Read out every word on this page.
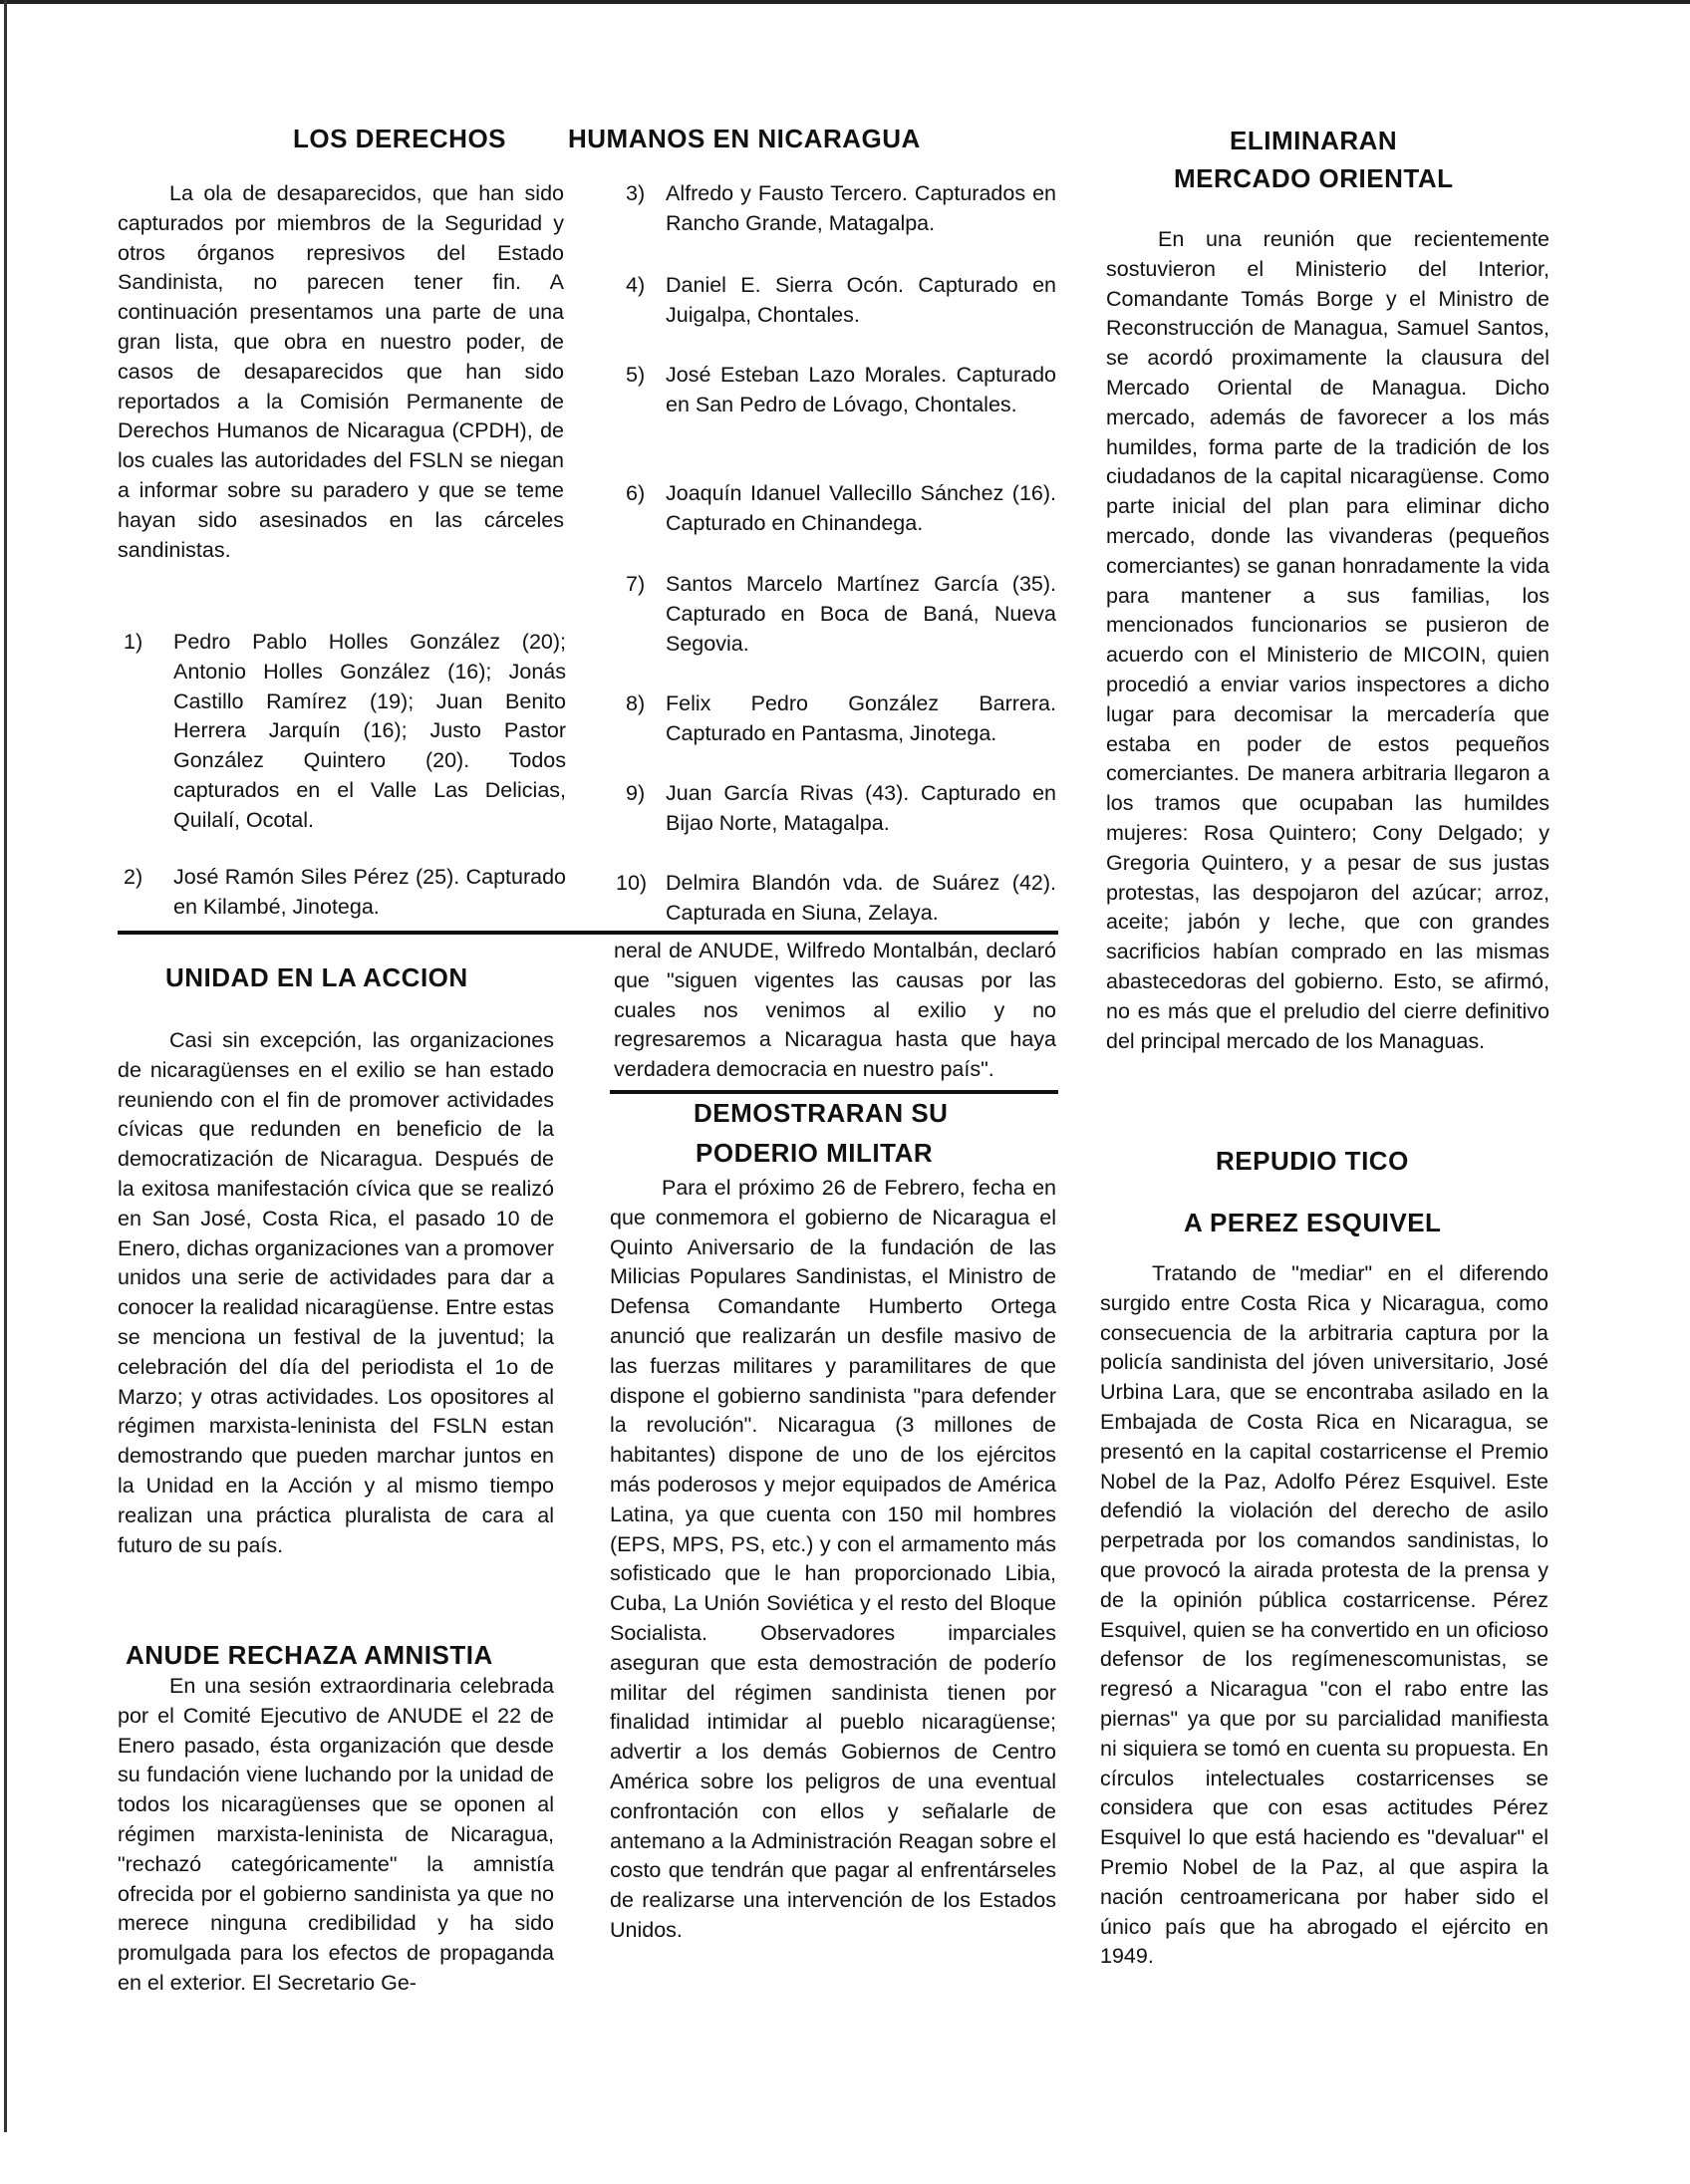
LOS DERECHOS HUMANOS EN NICARAGUA

La ola de desaparecidos, que han sido capturados por miembros de la Seguridad y otros órganos represivos del Estado Sandinista, no parecen tener fin. A continuación presentamos una parte de una gran lista, que obra en nuestro poder, de casos de desaparecidos que han sido reportados a la Comisión Permanente de Derechos Humanos de Nicaragua (CPDH), de los cuales las autoridades del FSLN se niegan a informar sobre su paradero y que se teme hayan sido asesinados en las cárceles sandinistas.

1) Pedro Pablo Holles González (20); Antonio Holles González (16); Jonás Castillo Ramírez (19); Juan Benito Herrera Jarquín (16); Justo Pastor González Quintero (20). Todos capturados en el Valle Las Delicias, Quilalí, Ocotal.
2) José Ramón Siles Pérez (25). Capturado en Kilambé, Jinotega.
3) Alfredo y Fausto Tercero. Capturados en Rancho Grande, Matagalpa.
4) Daniel E. Sierra Ocón. Capturado en Juigalpa, Chontales.
5) José Esteban Lazo Morales. Capturado en San Pedro de Lóvago, Chontales.
6) Joaquín Idanuel Vallecillo Sánchez (16). Capturado en Chinandega.
7) Santos Marcelo Martínez García (35). Capturado en Boca de Baná, Nueva Segovia.
8) Felix Pedro González Barrera. Capturado en Pantasma, Jinotega.
9) Juan García Rivas (43). Capturado en Bijao Norte, Matagalpa.
10) Delmira Blandón vda. de Suárez (42). Capturada en Siuna, Zelaya.
UNIDAD EN LA ACCION

Casi sin excepción, las organizaciones de nicaragüenses en el exilio se han estado reuniendo con el fin de promover actividades cívicas que redunden en beneficio de la democratización de Nicaragua. Después de la exitosa manifestación cívica que se realizó en San José, Costa Rica, el pasado 10 de Enero, dichas organizaciones van a promover unidos una serie de actividades para dar a conocer la realidad nicaragüense. Entre estas se menciona un festival de la juventud; la celebración del día del periodista el 1o de Marzo; y otras actividades. Los opositores al régimen marxista-leninista del FSLN estan demostrando que pueden marchar juntos en la Unidad en la Acción y al mismo tiempo realizan una práctica pluralista de cara al futuro de su país.

ANUDE RECHAZA AMNISTIA

En una sesión extraordinaria celebrada por el Comité Ejecutivo de ANUDE el 22 de Enero pasado, ésta organización que desde su fundación viene luchando por la unidad de todos los nicaragüenses que se oponen al régimen marxista-leninista de Nicaragua, "rechazó categóricamente" la amnistía ofrecida por el gobierno sandinista ya que no merece ninguna credibilidad y ha sido promulgada para los efectos de propaganda en el exterior. El Secretario Ge-

neral de ANUDE, Wilfredo Montalbán, declaró que "siguen vigentes las causas por las cuales nos venimos al exilio y no regresaremos a Nicaragua hasta que haya verdadera democracia en nuestro país".

DEMOSTRARAN SU
PODERIO MILITAR

Para el próximo 26 de Febrero, fecha en que conmemora el gobierno de Nicaragua el Quinto Aniversario de la fundación de las Milicias Populares Sandinistas, el Ministro de Defensa Comandante Humberto Ortega anunció que realizarán un desfile masivo de las fuerzas militares y paramilitares de que dispone el gobierno sandinista "para defender la revolución". Nicaragua (3 millones de habitantes) dispone de uno de los ejércitos más poderosos y mejor equipados de América Latina, ya que cuenta con 150 mil hombres (EPS, MPS, PS, etc.) y con el armamento más sofisticado que le han proporcionado Libia, Cuba, La Unión Soviética y el resto del Bloque Socialista. Observadores imparciales aseguran que esta demostración de poderío militar del régimen sandinista tienen por finalidad intimidar al pueblo nicaragüense; advertir a los demás Gobiernos de Centro América sobre los peligros de una eventual confrontación con ellos y señalarle de antemano a la Administración Reagan sobre el costo que tendrán que pagar al enfrentárseles de realizarse una intervención de los Estados Unidos.

ELIMINARAN
MERCADO ORIENTAL

En una reunión que recientemente sostuvieron el Ministerio del Interior, Comandante Tomás Borge y el Ministro de Reconstrucción de Managua, Samuel Santos, se acordó proximamente la clausura del Mercado Oriental de Managua. Dicho mercado, además de favorecer a los más humildes, forma parte de la tradición de los ciudadanos de la capital nicaragüense. Como parte inicial del plan para eliminar dicho mercado, donde las vivanderas (pequeños comerciantes) se ganan honradamente la vida para mantener a sus familias, los mencionados funcionarios se pusieron de acuerdo con el Ministerio de MICOIN, quien procedió a enviar varios inspectores a dicho lugar para decomisar la mercadería que estaba en poder de estos pequeños comerciantes. De manera arbitraria llegaron a los tramos que ocupaban las humildes mujeres: Rosa Quintero; Cony Delgado; y Gregoria Quintero, y a pesar de sus justas protestas, las despojaron del azúcar; arroz, aceite; jabón y leche, que con grandes sacrificios habían comprado en las mismas abastecedoras del gobierno. Esto, se afirmó, no es más que el preludio del cierre definitivo del principal mercado de los Managuas.

REPUDIO TICO
A PEREZ ESQUIVEL

Tratando de "mediar" en el diferendo surgido entre Costa Rica y Nicaragua, como consecuencia de la arbitraria captura por la policía sandinista del jóven universitario, José Urbina Lara, que se encontraba asilado en la Embajada de Costa Rica en Nicaragua, se presentó en la capital costarricense el Premio Nobel de la Paz, Adolfo Pérez Esquivel. Este defendió la violación del derecho de asilo perpetrada por los comandos sandinistas, lo que provocó la airada protesta de la prensa y de la opinión pública costarricense. Pérez Esquivel, quien se ha convertido en un oficioso defensor de los regímenescomunistas, se regresó a Nicaragua "con el rabo entre las piernas" ya que por su parcialidad manifiesta ni siquiera se tomó en cuenta su propuesta. En círculos intelectuales costarricenses se considera que con esas actitudes Pérez Esquivel lo que está haciendo es "devaluar" el Premio Nobel de la Paz, al que aspira la nación centroamericana por haber sido el único país que ha abrogado el ejército en 1949.
